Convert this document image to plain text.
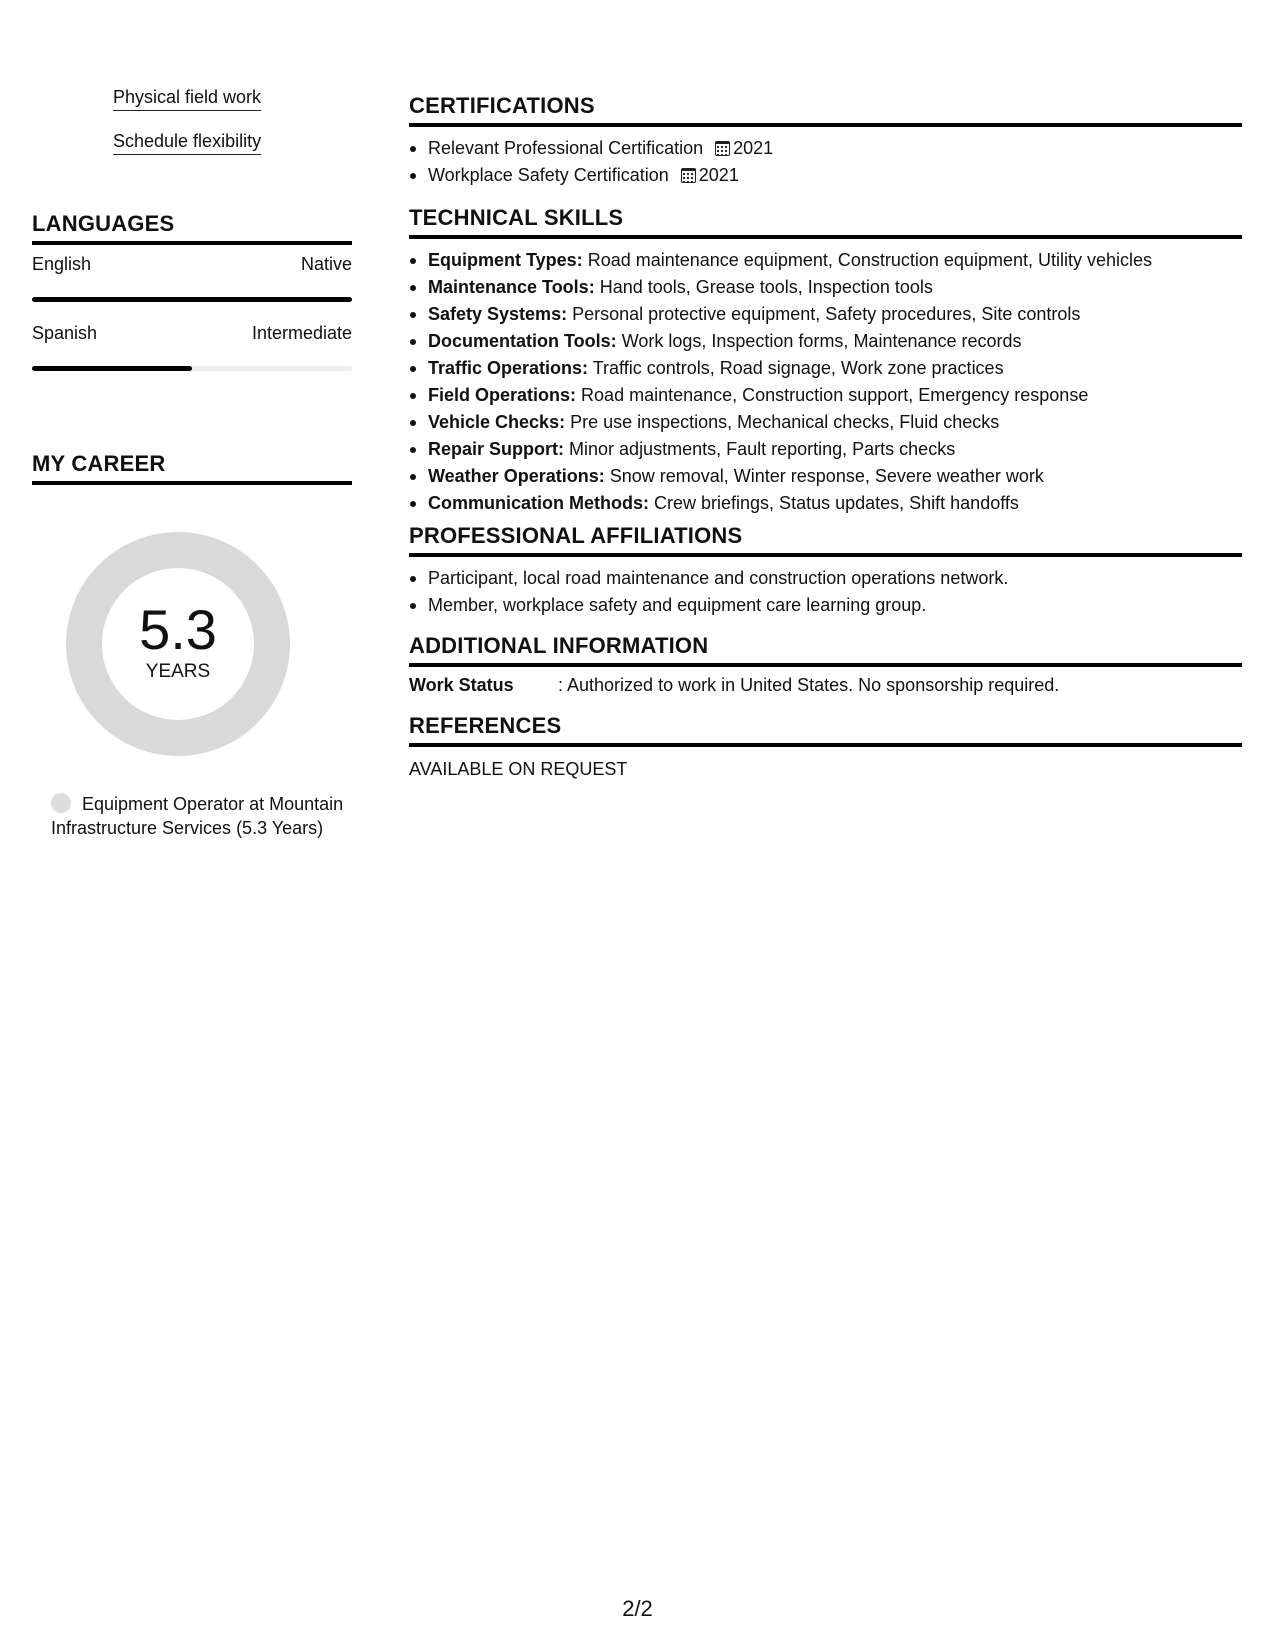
Physical field work
Schedule flexibility
LANGUAGES
English	Native
Spanish	Intermediate
MY CAREER
5.3
YEARS
Equipment Operator at Mountain Infrastructure Services (5.3 Years)
CERTIFICATIONS
Relevant Professional Certification 2021
Workplace Safety Certification 2021
TECHNICAL SKILLS
Equipment Types: Road maintenance equipment, Construction equipment, Utility vehicles
Maintenance Tools: Hand tools, Grease tools, Inspection tools
Safety Systems: Personal protective equipment, Safety procedures, Site controls
Documentation Tools: Work logs, Inspection forms, Maintenance records
Traffic Operations: Traffic controls, Road signage, Work zone practices
Field Operations: Road maintenance, Construction support, Emergency response
Vehicle Checks: Pre use inspections, Mechanical checks, Fluid checks
Repair Support: Minor adjustments, Fault reporting, Parts checks
Weather Operations: Snow removal, Winter response, Severe weather work
Communication Methods: Crew briefings, Status updates, Shift handoffs
PROFESSIONAL AFFILIATIONS
Participant, local road maintenance and construction operations network.
Member, workplace safety and equipment care learning group.
ADDITIONAL INFORMATION
Work Status	: Authorized to work in United States. No sponsorship required.
REFERENCES
AVAILABLE ON REQUEST
2/2
